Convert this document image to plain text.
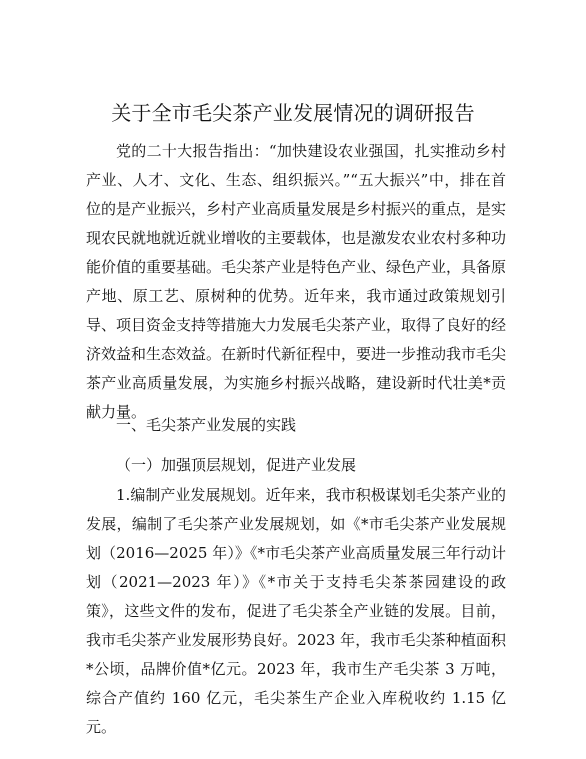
关于全市毛尖茶产业发展情况的调研报告

党的二十大报告指出：“加快建设农业强国，扎实推动乡村产业、人才、文化、生态、组织振兴。”“五大振兴”中，排在首位的是产业振兴，乡村产业高质量发展是乡村振兴的重点，是实现农民就地就近就业增收的主要载体，也是激发农业农村多种功能价值的重要基础。毛尖茶产业是特色产业、绿色产业，具备原产地、原工艺、原树种的优势。近年来，我市通过政策规划引导、项目资金支持等措施大力发展毛尖茶产业，取得了良好的经济效益和生态效益。在新时代新征程中，要进一步推动我市毛尖茶产业高质量发展，为实施乡村振兴战略，建设新时代壮美*贡献力量。

一、毛尖茶产业发展的实践

（一）加强顶层规划，促进产业发展

1.编制产业发展规划。近年来，我市积极谋划毛尖茶产业的发展，编制了毛尖茶产业发展规划，如《*市毛尖茶产业发展规划（2016—2025 年）》《*市毛尖茶产业高质量发展三年行动计划（2021—2023 年）》《*市关于支持毛尖茶茶园建设的政策》，这些文件的发布，促进了毛尖茶全产业链的发展。目前，我市毛尖茶产业发展形势良好。2023 年，我市毛尖茶种植面积*公顷，品牌价值*亿元。2023 年，我市生产毛尖茶 3 万吨，综合产值约 160 亿元，毛尖茶生产企业入库税收约 1.15 亿元。
